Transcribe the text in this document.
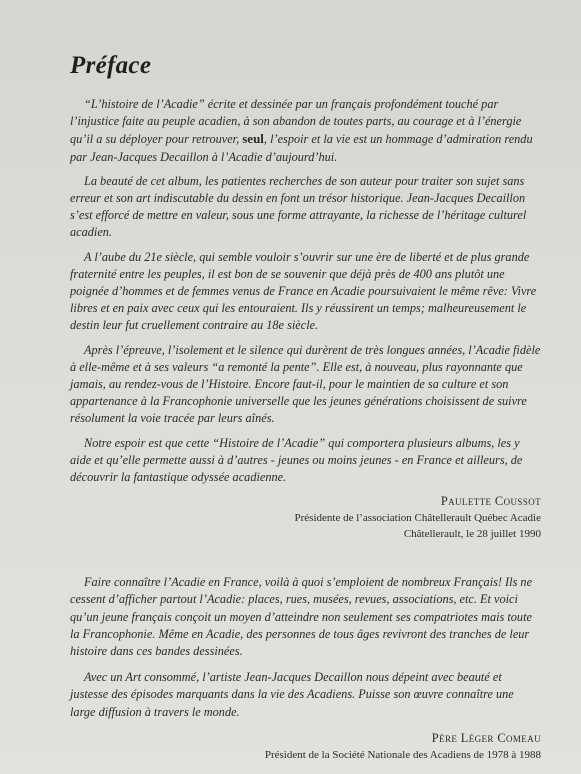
Préface

“L’histoire de l’Acadie” écrite et dessinée par un français profondément touché par l’injustice faite au peuple acadien, à son abandon de toutes parts, au courage et à l’énergie qu’il a su déployer pour retrouver, seul, l’espoir et la vie est un hommage d’admiration rendu par Jean-Jacques Decaillon à l’Acadie d’aujourd’hui.

La beauté de cet album, les patientes recherches de son auteur pour traiter son sujet sans erreur et son art indiscutable du dessin en font un trésor historique. Jean-Jacques Decaillon s’est efforcé de mettre en valeur, sous une forme attrayante, la richesse de l’héritage culturel acadien.

A l’aube du 21e siècle, qui semble vouloir s’ouvrir sur une ère de liberté et de plus grande fraternité entre les peuples, il est bon de se souvenir que déjà près de 400 ans plutôt une poignée d’hommes et de femmes venus de France en Acadie poursuivaient le même rêve: Vivre libres et en paix avec ceux qui les entouraient. Ils y réussirent un temps; malheureusement le destin leur fut cruellement contraire au 18e siècle.

Après l’épreuve, l’isolement et le silence qui durèrent de très longues années, l’Acadie fidèle à elle-même et à ses valeurs “a remonté la pente”. Elle est, à nouveau, plus rayonnante que jamais, au rendez-vous de l’Histoire. Encore faut-il, pour le maintien de sa culture et son appartenance à la Francophonie universelle que les jeunes générations choisissent de suivre résolument la voie tracée par leurs aînés.

Notre espoir est que cette “Histoire de l’Acadie” qui comportera plusieurs albums, les y aide et qu’elle permette aussi à d’autres - jeunes ou moins jeunes - en France et ailleurs, de découvrir la fantastique odyssée acadienne.

Paulette Coussot
Présidente de l’association Châtellerault Québec Acadie
Châtellerault, le 28 juillet 1990

Faire connaître l’Acadie en France, voilà à quoi s’emploient de nombreux Français! Ils ne cessent d’afficher partout l’Acadie: places, rues, musées, revues, associations, etc. Et voici qu’un jeune français conçoit un moyen d’atteindre non seulement ses compatriotes mais toute la Francophonie. Même en Acadie, des personnes de tous âges revivront des tranches de leur histoire dans ces bandes dessinées.

Avec un Art consommé, l’artiste Jean-Jacques Decaillon nous dépeint avec beauté et justesse des épisodes marquants dans la vie des Acadiens. Puisse son œuvre connaître une large diffusion à travers le monde.

Père Léger Comeau
Président de la Société Nationale des Acadiens de 1978 à 1988
